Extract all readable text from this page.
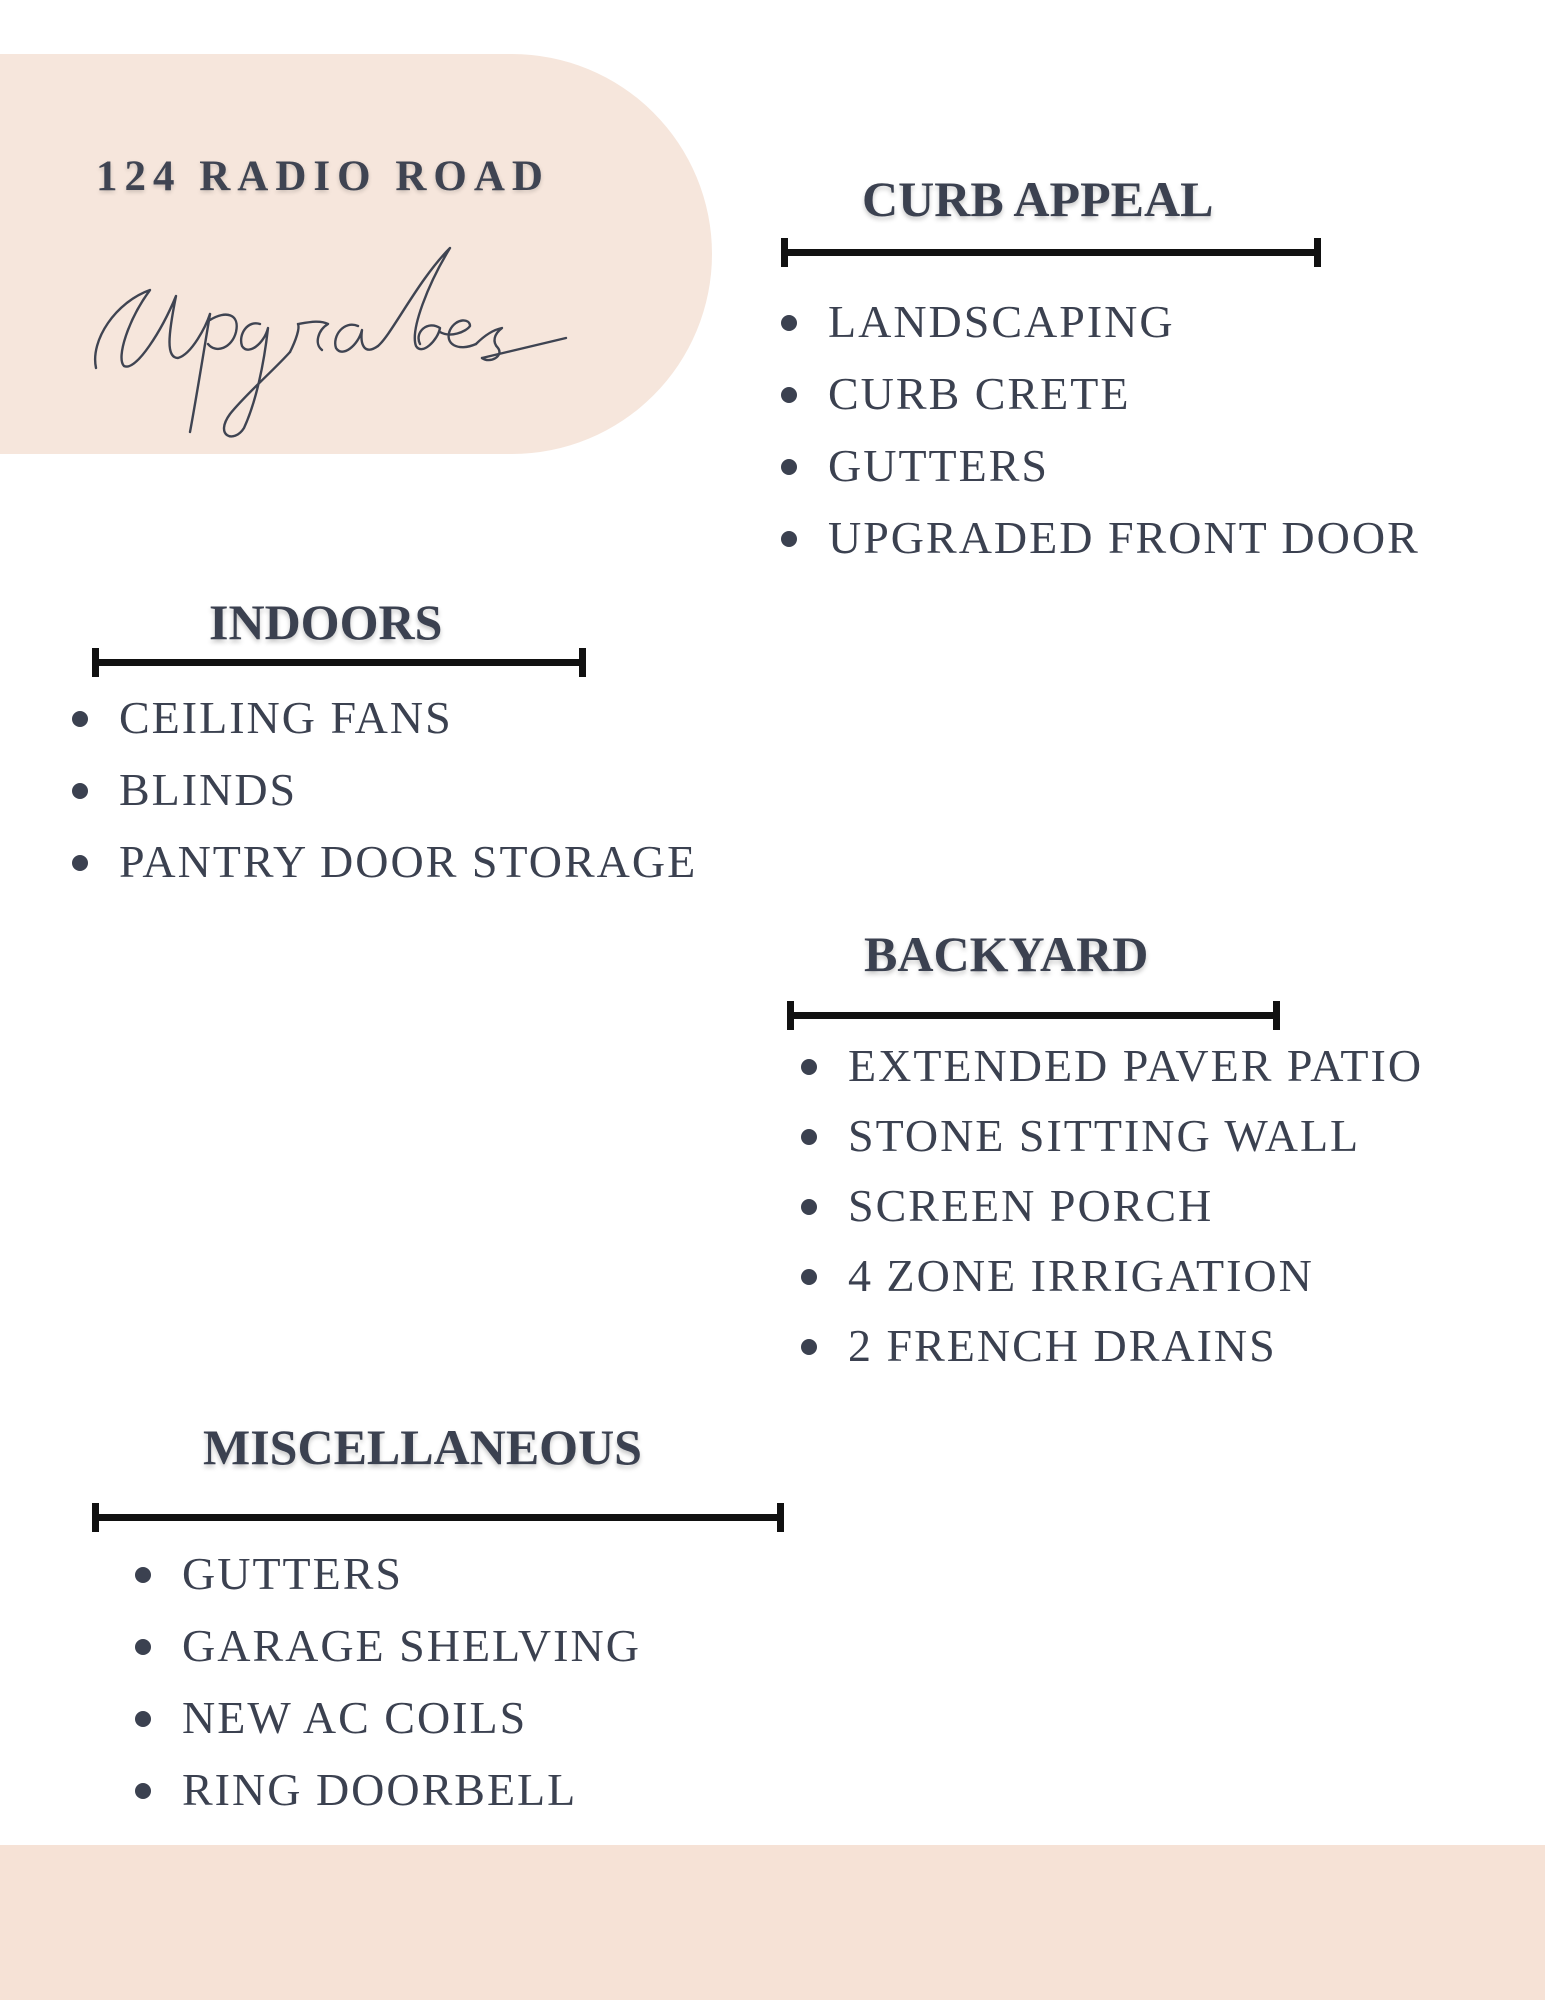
124 RADIO ROAD	CURB APPEAL
LANDSCAPING
CURB CRETE
GUTTERS
UPGRADED FRONT DOOR
INDOORS
CEILING FANS
BLINDS
PANTRY DOOR STORAGE
BACKYARD
EXTENDED PAVER PATIO
STONE SITTING WALL
SCREEN PORCH
4 ZONE IRRIGATION
2 FRENCH DRAINS
MISCELLANEOUS
GUTTERS
GARAGE SHELVING
NEW AC COILS
RING DOORBELL
